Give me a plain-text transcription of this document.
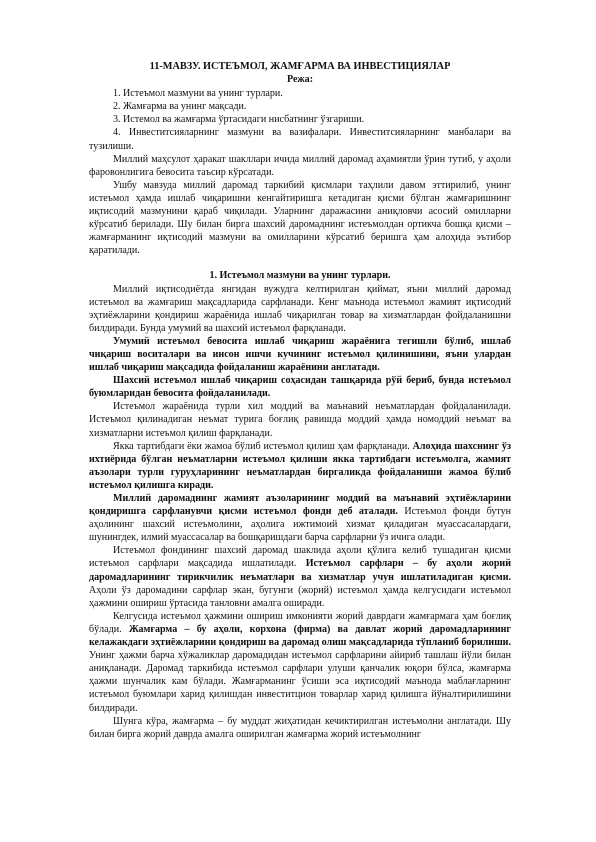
11-МАВЗУ. ИСТЕЪМОЛ, ЖАМҒАРМА ВА ИНВЕСТИЦИЯЛАР

Режа:

1. Истеъмол мазмуни ва унинг турлари.

2. Жамғарма ва унинг мақсади.

3. Истемол ва жамғарма ўртасидаги нисбатнинг ўзгариши.

4. Инвеститсияларнинг мазмуни ва вазифалари. Инвеститсияларнинг манбалари ва тузилиши.

Миллий маҳсулот ҳаракат шакллари ичида миллий даромад аҳамиятли ўрин тутиб, у аҳоли фаровонлигига бевосита таъсир кўрсатади.

Ушбу мавзуда миллий даромад таркибий қисмлари таҳлили давом эттирилиб, унинг истеъмол ҳамда ишлаб чиқаришни кенгайтиришга кетадиган қисми бўлган жамғаришнинг иқтисодий мазмунини қараб чиқилади. Уларнинг даражасини аниқловчи асосий омилларни кўрсатиб берилади. Шу билан бирга шахсий даромаднинг истеъмолдан ортикча бошқа қисми – жамғарманинг иқтисодий мазмуни ва омилларини кўрсатиб беришга ҳам алоҳида эътибор қаратилади.

1. Истеъмол мазмуни ва унинг турлари.

Миллий иқтисодиётда янгидан вужудга келтирилган қиймат, яъни миллий даромад истеъмол ва жамғариш мақсадларида сарфланади. Кенг маънода истеъмол жамият иқтисодий эҳтиёжларини қондириш жараёнида ишлаб чиқарилган товар ва хизматлардан фойдаланишни билдиради. Бунда умумий ва шахсий истеъмол фарқланади.

Умумий истеъмол бевосита ишлаб чиқариш жараёнига тегишли бўлиб, ишлаб чиқариш воситалари ва инсон ишчи кучининг истеъмол қилинишини, яъни улардан ишлаб чиқариш мақсадида фойдаланиш жараёнини англатади.

Шахсий истеъмол ишлаб чиқариш соҳасидан ташқарида рўй бериб, бунда истеъмол буюмларидан бевосита фойдаланилади.

Истеъмол жараёнида турли хил моддий ва маънавий неъматлардан фойдаланилади. Истеъмол қилинадиган неъмат турига боғлиқ равишда моддий ҳамда номоддий неъмат ва хизматларни истеъмол қилиш фарқланади.

Якка тартибдаги ёки жамоа бўлиб истеъмол қилиш ҳам фарқланади. Алоҳида шахснинг ўз ихтиёрида бўлган неъматларни истеъмол қилиши якка тартибдаги истеъмолга, жамият аъзолари турли гуруҳларининг неъматлардан биргаликда фойдаланиши жамоа бўлиб истеъмол қилишга киради.

Миллий даромаднинг жамият аъзоларининг моддий ва маънавий эҳтиёжларини қондиришга сарфланувчи қисми истеъмол фонди деб аталади. Истеъмол фонди бутун аҳолининг шахсий истеъмолини, аҳолига ижтимоий хизмат қиладиган муассасалардаги, шунингдек, илмий муассасалар ва бошқаришдаги барча сарфларни ўз ичига олади.

Истеъмол фондининг шахсий даромад шаклида аҳоли қўлига келиб тушадиган қисми истеъмол сарфлари мақсадида ишлатилади. Истеъмол сарфлари – бу аҳоли жорий даромадларининг тирикчилик неъматлари ва хизматлар учун ишлатиладиган қисми. Аҳоли ўз даромадини сарфлар экан, бугунги (жорий) истеъмол ҳамда келгусидаги истеъмол ҳажмини ошириш ўртасида танловни амалга оширади.

Келгусида истеъмол ҳажмини ошириш имконияти жорий даврдаги жамғармага ҳам боғлиқ бўлади. Жамғарма – бу аҳоли, корхона (фирма) ва давлат жорий даромадларининг келажакдаги эҳтиёжларини қондириш ва даромад олиш мақсадларида тўпланиб борилиши. Унинг ҳажми барча хўжаликлар даромадидан истеъмол сарфларини айириб ташлаш йўли билан аниқланади. Даромад таркибида истеъмол сарфлари улуши қанчалик юқори бўлса, жамғарма ҳажми шунчалик кам бўлади. Жамғарманинг ўсиши эса иқтисодий маънода маблағларнинг истеъмол буюмлари харид қилишдан инвеститцион товарлар харид қилишга йўналтирилишини билдиради.

Шунга кўра, жамғарма – бу муддат жиҳатидан кечиктирилган истеъмолни англатади. Шу билан бирга жорий даврда амалга оширилган жамғарма жорий истеъмолнинг
